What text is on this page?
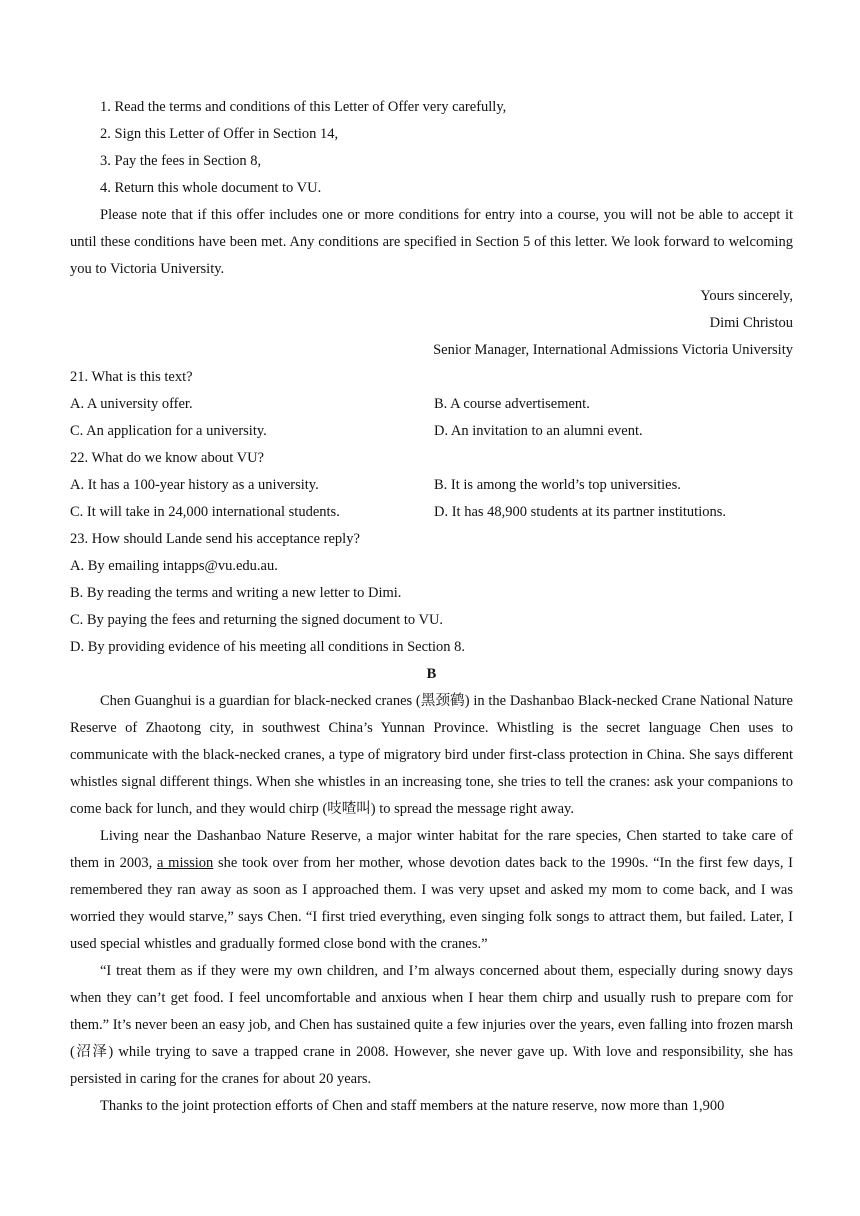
1. Read the terms and conditions of this Letter of Offer very carefully,
2. Sign this Letter of Offer in Section 14,
3. Pay the fees in Section 8,
4. Return this whole document to VU.
Please note that if this offer includes one or more conditions for entry into a course, you will not be able to accept it until these conditions have been met. Any conditions are specified in Section 5 of this letter. We look forward to welcoming you to Victoria University.
Yours sincerely,
Dimi Christou
Senior Manager, International Admissions Victoria University
21. What is this text?
A. A university offer.	B. A course advertisement.
C. An application for a university.	D. An invitation to an alumni event.
22. What do we know about VU?
A. It has a 100-year history as a university.	B. It is among the world’s top universities.
C. It will take in 24,000 international students.	D. It has 48,900 students at its partner institutions.
23. How should Lande send his acceptance reply?
A. By emailing intapps@vu.edu.au.
B. By reading the terms and writing a new letter to Dimi.
C. By paying the fees and returning the signed document to VU.
D. By providing evidence of his meeting all conditions in Section 8.
B
Chen Guanghui is a guardian for black-necked cranes (黑颈鹤) in the Dashanbao Black-necked Crane National Nature Reserve of Zhaotong city, in southwest China’s Yunnan Province. Whistling is the secret language Chen uses to communicate with the black-necked cranes, a type of migratory bird under first-class protection in China. She says different whistles signal different things. When she whistles in an increasing tone, she tries to tell the cranes: ask your companions to come back for lunch, and they would chirp (吱喳叫) to spread the message right away.
Living near the Dashanbao Nature Reserve, a major winter habitat for the rare species, Chen started to take care of them in 2003, a mission she took over from her mother, whose devotion dates back to the 1990s. “In the first few days, I remembered they ran away as soon as I approached them. I was very upset and asked my mom to come back, and I was worried they would starve,” says Chen. “I first tried everything, even singing folk songs to attract them, but failed. Later, I used special whistles and gradually formed close bond with the cranes.”
“I treat them as if they were my own children, and I’m always concerned about them, especially during snowy days when they can’t get food. I feel uncomfortable and anxious when I hear them chirp and usually rush to prepare com for them.” It’s never been an easy job, and Chen has sustained quite a few injuries over the years, even falling into frozen marsh (沼泽) while trying to save a trapped crane in 2008. However, she never gave up. With love and responsibility, she has persisted in caring for the cranes for about 20 years.
Thanks to the joint protection efforts of Chen and staff members at the nature reserve, now more than 1,900
